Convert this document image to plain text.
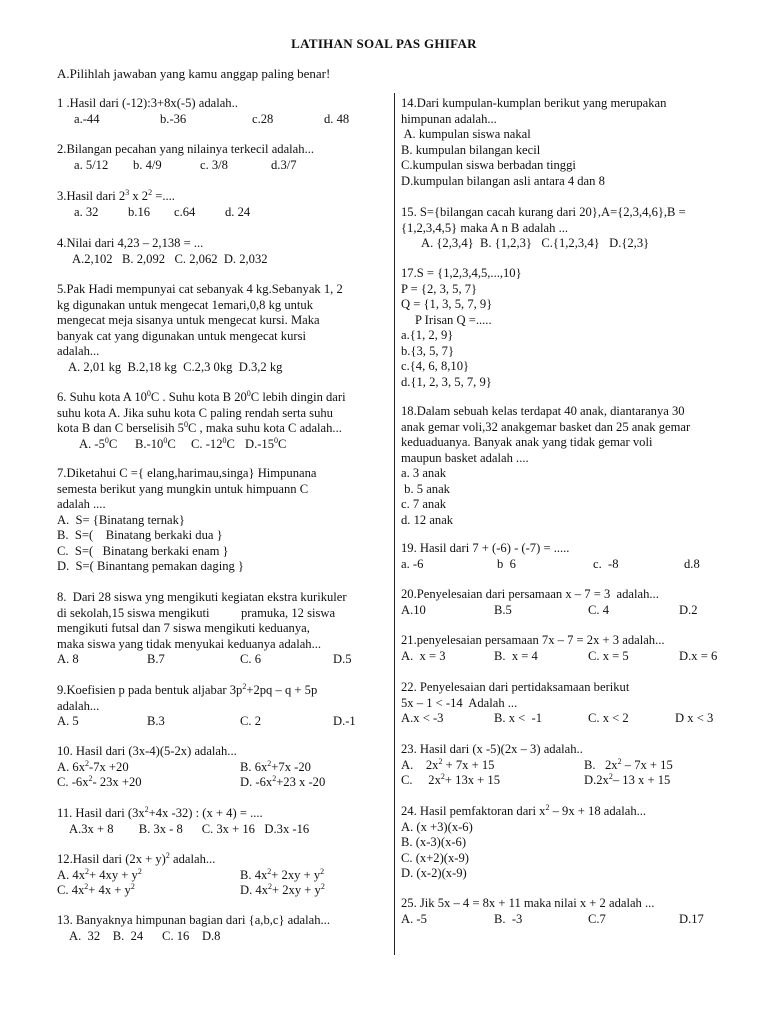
LATIHAN SOAL PAS GHIFAR
A.Pilihlah jawaban yang kamu anggap paling benar!
1 .Hasil dari (-12):3+8x(-5) adalah..
a.-44	b.-36	c.28	d. 48
2.Bilangan pecahan yang nilainya terkecil adalah...
a. 5/12	b. 4/9	c. 3/8	d.3/7
3.Hasil dari $2^3$ x $2^2$ =....
a. 32	b.16	c.64	d. 24
4.Nilai dari 4,23 – 2,138 = ...
A.2,102   B. 2,092   C. 2,062  D. 2,032
5.Pak Hadi mempunyai cat sebanyak 4 kg.Sebanyak 1, 2
kg digunakan untuk mengecat 1emari,0,8 kg untuk
mengecat meja sisanya untuk mengecat kursi. Maka
banyak cat yang digunakan untuk mengecat kursi
adalah...
A. 2,01 kg  B.2,18 kg  C.2,3 0kg  D.3,2 kg
6. Suhu kota A $10^0C$ . Suhu kota B $20^0C$ lebih dingin dari
suhu kota A. Jika suhu kota C paling rendah serta suhu
kota B dan C berselisih $5^0C$ , maka suhu kota C adalah...
A. $-5^0C$	$B.-10^0C$	C. $-12^0C$ $D.-15^0C$
7.Diketahui C ={ elang,harimau,singa} Himpunana
semesta berikut yang mungkin untuk himpuann C
adalah ....
A.  S= {Binatang ternak}
B.  S=(    Binatang berkaki dua }
C.  S=(   Binatang berkaki enam }
D.  S=( Binantang pemakan daging }
8.  Dari 28 siswa yng mengikuti kegiatan ekstra kurikuler
di sekolah,15 siswa mengikuti          pramuka, 12 siswa
mengikuti futsal dan 7 siswa mengikuti keduanya,
maka siswa yang tidak menyukai keduanya adalah...
A. 8	B.7	C. 6	D.5
9.Koefisien p pada bentuk aljabar $3p^2+2pq - q + 5p$
adalah...
A. 5	B.3	C. 2	D.-1
10. Hasil dari (3x-4)(5-2x) adalah...
A. $6x^2-7x +20$	B. $6x^2+7x$ -20
C. $-6x^2-$ 23x +20	D. $-6x^2+23$ x -20
11. Hasil dari ($3x^2+4x$ -32) : (x + 4) = ....
A.3x + 8        B. 3x - 8      C. 3x + 16   D.3x -16
12.Hasil dari $(2x + y)^2$ adalah...
A. $4x^2+ 4xy + y^2$	B. $4x^2+ 2xy + y^2$
C. $4x^2+ 4x + y^2$	D. $4x^2+ 2xy + y^2$
13. Banyaknya himpunan bagian dari {a,b,c} adalah...
A.  32    B.  24      C. 16    D.8
14.Dari kumpulan-kumplan berikut yang merupakan
himpunan adalah...
A. kumpulan siswa nakal
B. kumpulan bilangan kecil
C.kumpulan siswa berbadan tinggi
D.kumpulan bilangan asli antara 4 dan 8
15. S={bilangan cacah kurang dari 20},A={2,3,4,6},B =
{1,2,3,4,5} maka A n B adalah ...
A. {2,3,4}  B. {1,2,3}   C.{1,2,3,4}   D.{2,3}
17.S = {1,2,3,4,5,...,10}
P = {2, 3, 5, 7}
Q = {1, 3, 5, 7, 9}
P Irisan Q =.....
a.{1, 2, 9}
b.{3, 5, 7}
c.{4, 6, 8,10}
d.{1, 2, 3, 5, 7, 9}
18.Dalam sebuah kelas terdapat 40 anak, diantaranya 30
anak gemar voli,32 anakgemar basket dan 25 anak gemar
keduaduanya. Banyak anak yang tidak gemar voli
maupun basket adalah ....
a. 3 anak
b. 5 anak
c. 7 anak
d. 12 anak
19. Hasil dari 7 + (-6) - (-7) = .....
a. -6	b  6	c.  -8	d.8
20.Penyelesaian dari persamaan x – 7 = 3  adalah...
A.10	B.5	C. 4	D.2
21.penyelesaian persamaan 7x – 7 = 2x + 3 adalah...
A.  x = 3	B.  x = 4	C. x = 5	D.x = 6
22. Penyelesaian dari pertidaksamaan berikut
5x – 1 < -14  Adalah ...
A.x < -3	B. x <  -1	C. x < 2	D x < 3
23. Hasil dari (x -5)(2x – 3) adalah..
A.    $2x^2 + 7x + 15$	B.   $2x^2 - 7x + 15$
C.     $2x^2+ 13x + 15$	$D.2x^2-$ 13 x + 15
24. Hasil pemfaktoran dari $x^2 - 9x + 18$ adalah...
A. (x +3)(x-6)
B. (x-3)(x-6)
C. (x+2)(x-9)
D. (x-2)(x-9)
25. Jik 5x – 4 = 8x + 11 maka nilai x + 2 adalah ...
A. -5	B.  -3	C.7	D.17
